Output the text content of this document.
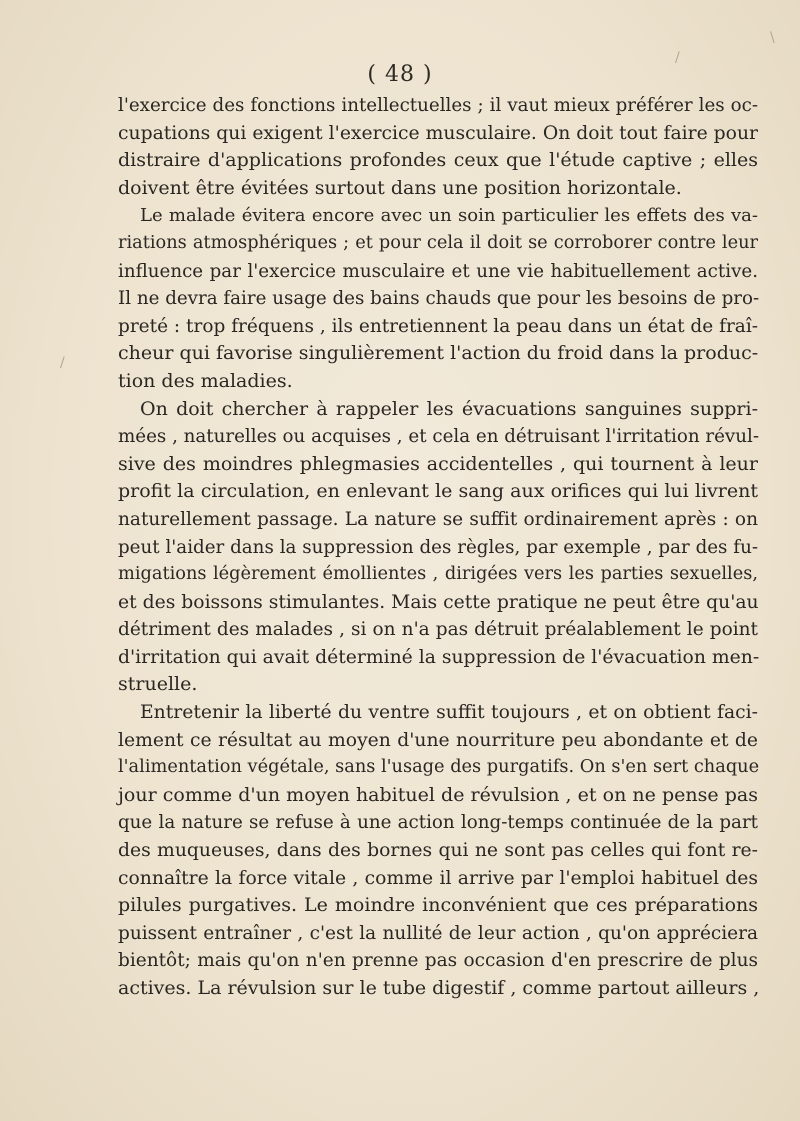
( 48 )
/
\
/
l'exercice des fonctions intellectuelles ; il vaut mieux préférer les oc-
cupations qui exigent l'exercice musculaire. On doit tout faire pour
distraire d'applications profondes ceux que l'étude captive ; elles
doivent être évitées surtout dans une position horizontale.
Le malade évitera encore avec un soin particulier les effets des va-
riations atmosphériques ; et pour cela il doit se corroborer contre leur
influence par l'exercice musculaire et une vie habituellement active.
Il ne devra faire usage des bains chauds que pour les besoins de pro-
preté : trop fréquens , ils entretiennent la peau dans un état de fraî-
cheur qui favorise singulièrement l'action du froid dans la produc-
tion des maladies.
On doit chercher à rappeler les évacuations sanguines suppri-
mées , naturelles ou acquises , et cela en détruisant l'irritation révul-
sive des moindres phlegmasies accidentelles , qui tournent à leur
profit la circulation, en enlevant le sang aux orifices qui lui livrent
naturellement passage. La nature se suffit ordinairement après : on
peut l'aider dans la suppression des règles, par exemple , par des fu-
migations légèrement émollientes , dirigées vers les parties sexuelles,
et des boissons stimulantes. Mais cette pratique ne peut être qu'au
détriment des malades , si on n'a pas détruit préalablement le point
d'irritation qui avait déterminé la suppression de l'évacuation men-
struelle.
Entretenir la liberté du ventre suffit toujours , et on obtient faci-
lement ce résultat au moyen d'une nourriture peu abondante et de
l'alimentation végétale, sans l'usage des purgatifs. On s'en sert chaque
jour comme d'un moyen habituel de révulsion , et on ne pense pas
que la nature se refuse à une action long-temps continuée de la part
des muqueuses, dans des bornes qui ne sont pas celles qui font re-
connaître la force vitale , comme il arrive par l'emploi habituel des
pilules purgatives. Le moindre inconvénient que ces préparations
puissent entraîner , c'est la nullité de leur action , qu'on appréciera
bientôt; mais qu'on n'en prenne pas occasion d'en prescrire de plus
actives. La révulsion sur le tube digestif , comme partout ailleurs ,
